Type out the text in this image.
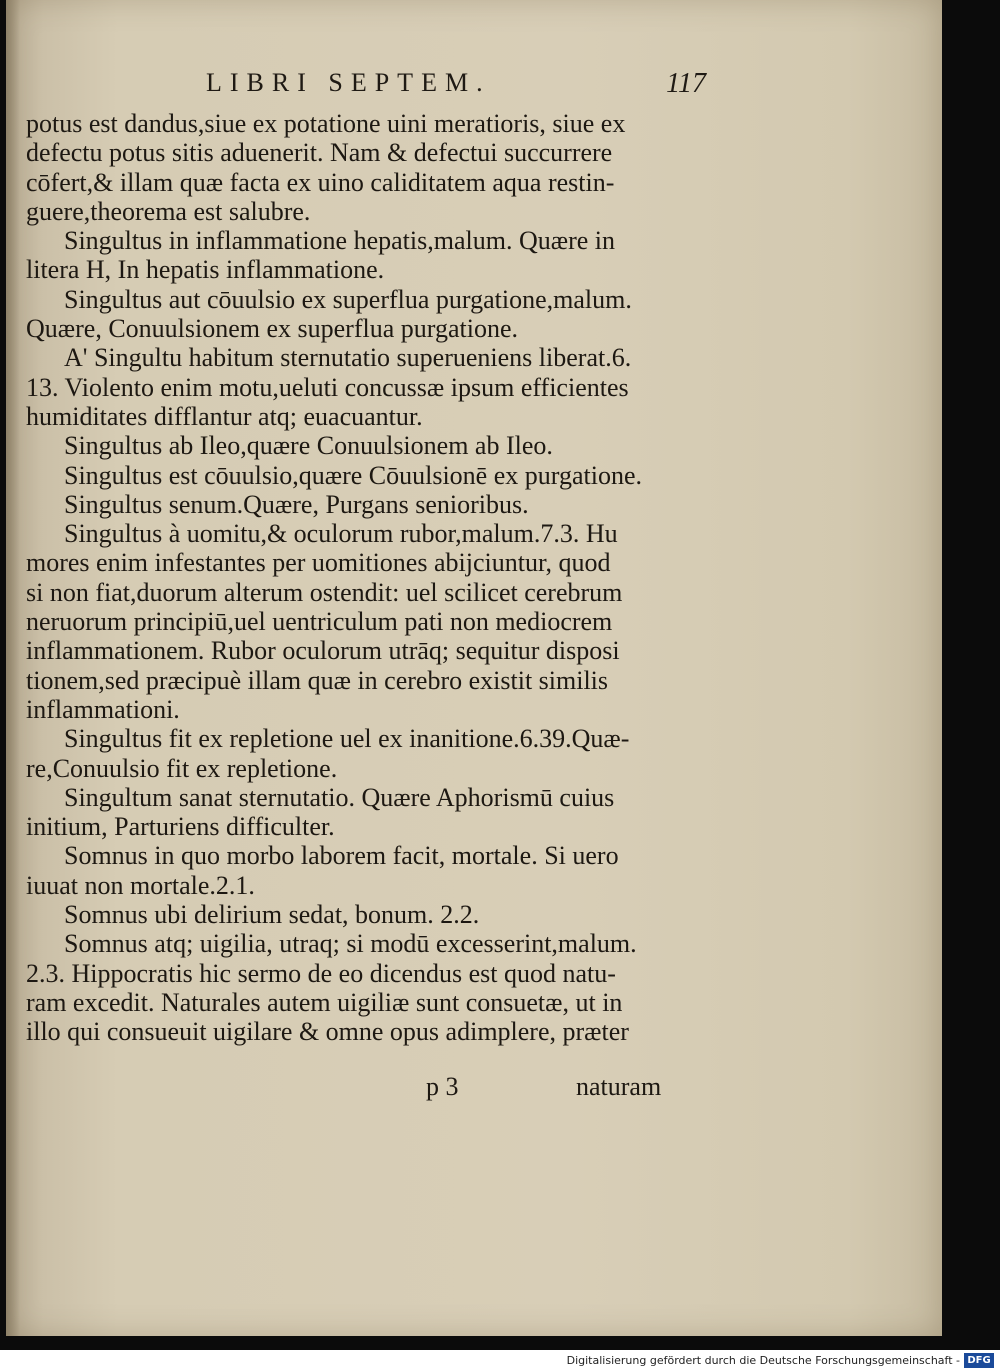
LIBRI SEPTEM.	117
potus est dandus,siue ex potatione uini meratioris, siue ex
defectu potus sitis aduenerit. Nam & defectui succurrere
cōfert,& illam quæ facta ex uino caliditatem aqua restin-
guere,theorema est salubre.
Singultus in inflammatione hepatis,malum. Quære in
litera H, In hepatis inflammatione.
Singultus aut cōuulsio ex superflua purgatione,malum.
Quære, Conuulsionem ex superflua purgatione.
A' Singultu habitum sternutatio superueniens liberat.6.
13. Violento enim motu,ueluti concussæ ipsum efficientes
humiditates difflantur atq; euacuantur.
Singultus ab Ileo,quære Conuulsionem ab Ileo.
Singultus est cōuulsio,quære Cōuulsionē ex purgatione.
Singultus senum.Quære, Purgans senioribus.
Singultus à uomitu,& oculorum rubor,malum.7.3. Hu
mores enim infestantes per uomitiones abijciuntur, quod
si non fiat,duorum alterum ostendit: uel scilicet cerebrum
neruorum principiū,uel uentriculum pati non mediocrem
inflammationem. Rubor oculorum utrāq; sequitur disposi
tionem,sed præcipuè illam quæ in cerebro existit similis
inflammationi.
Singultus fit ex repletione uel ex inanitione.6.39.Quæ-
re,Conuulsio fit ex repletione.
Singultum sanat sternutatio. Quære Aphorismū cuius
initium, Parturiens difficulter.
Somnus in quo morbo laborem facit, mortale. Si uero
iuuat non mortale.2.1.
Somnus ubi delirium sedat, bonum. 2.2.
Somnus atq; uigilia, utraq; si modū excesserint,malum.
2.3. Hippocratis hic sermo de eo dicendus est quod natu-
ram excedit. Naturales autem uigiliæ sunt consuetæ, ut in
illo qui consueuit uigilare & omne opus adimplere, præter
p 3	naturam
Digitalisierung gefördert durch die Deutsche Forschungsgemeinschaft - DFG
